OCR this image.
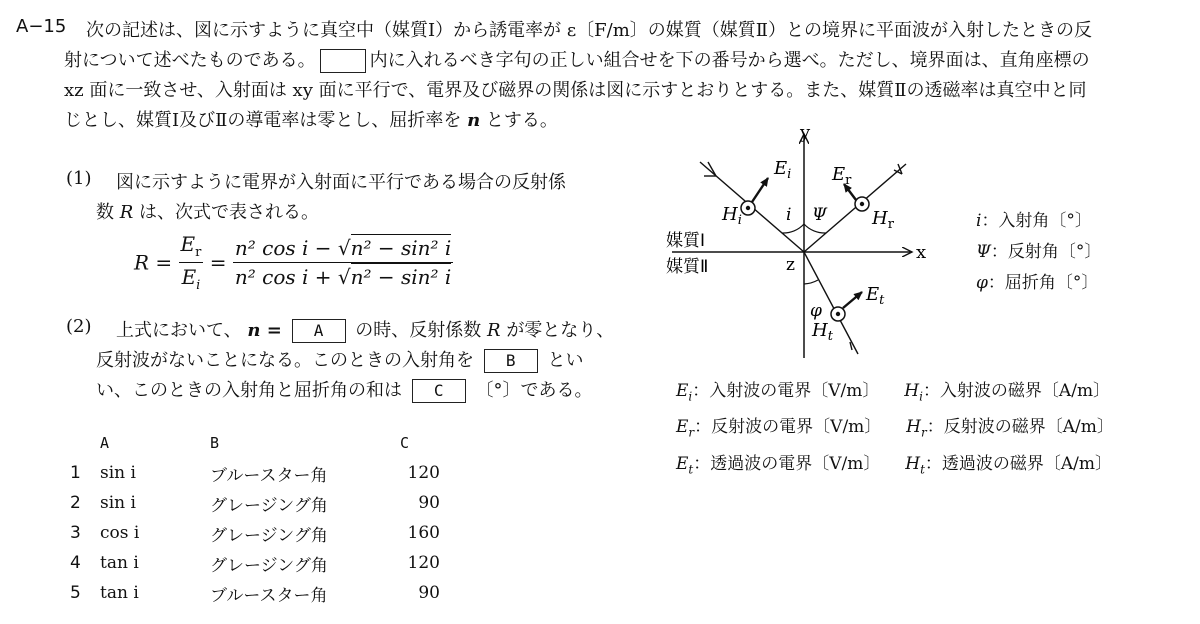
A−15 次の記述は、図に示すように真空中（媒質Ⅰ）から誘電率が ε〔F/m〕の媒質（媒質Ⅱ）との境界に平面波が入射したときの反
射について述べたものである。	内に入れるべき字句の正しい組合せを下の番号から選べ。ただし、境界面は、直角座標の
xz 面に一致させ、入射面は xy 面に平行で、電界及び磁界の関係は図に示すとおりとする。また、媒質Ⅱの透磁率は真空中と同
じとし、媒質Ⅰ及びⅡの導電率は零とし、屈折率を n とする。
(1) 図に示すように電界が入射面に平行である場合の反射係
数 R は、次式で表される。
$R = \frac{E_r}{E_i} = \frac{\text{n² cos i − √n² − sin² i}}{\text{n² cos i + √n² − sin² i}}$
(2) 上式において、 n = A の時、反射係数 R が零となり、
反射波がないことになる。このときの入射角を B とい
い、このときの入射角と屈折角の和は C 〔°〕である。
	A	B	C
1	sin i	ブルースター角	120
2	sin i	グレージング角	90
3	cos i	グレージング角	160
4	tan i	グレージング角	120
5	tan i	ブルースター角	90
y
x
z
i Ψ
φ
$E_i$ $E_r$
$E_t$
$H_i$	$H_r$
$H_t$
媒質Ⅰ
媒質Ⅱ
i：入射角〔°〕
Ψ：反射角〔°〕
φ：屈折角〔°〕
$E_i$：入射波の電界〔V/m〕 $H_i$：入射波の磁界〔A/m〕
$E_r$：反射波の電界〔V/m〕 $H_r$：反射波の磁界〔A/m〕
$E_t$：透過波の電界〔V/m〕 $H_t$：透過波の磁界〔A/m〕
